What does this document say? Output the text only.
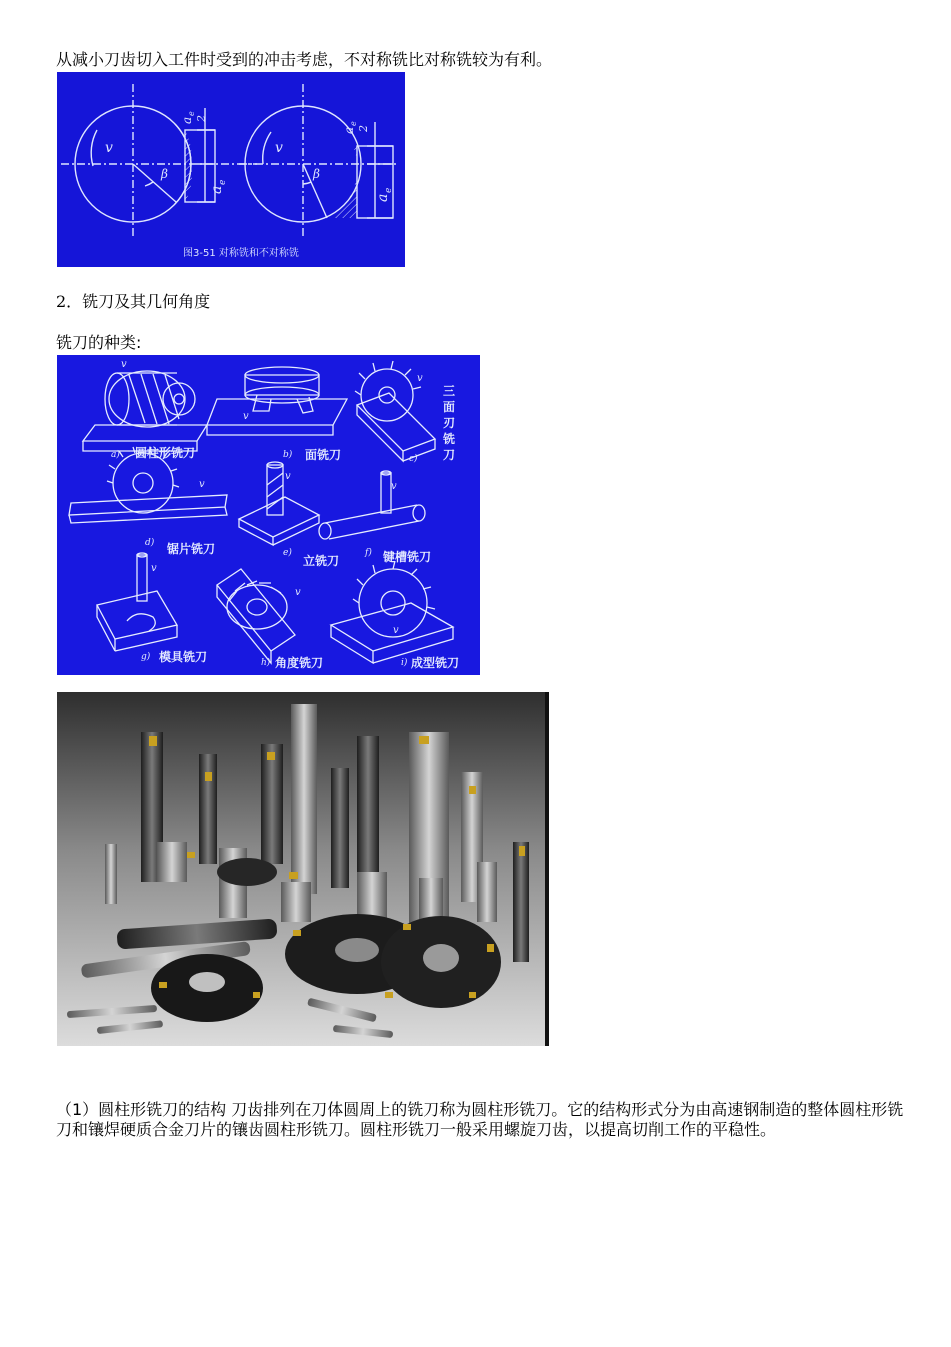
从减小刀齿切入工件时受到的冲击考虑，不对称铣比对称铣较为有利。
v
β
v
β
a
e
a
e
2
a
e
a
e
2
图3-51 对称铣和不对称铣
2．铣刀及其几何角度
铣刀的种类:
a) 圆柱形铣刀	b) 面铣刀	c)
三
面
刃
铣
刀
d) 锯片铣刀	e)
立铣刀
f) 键槽铣刀
g) 模具铣刀	h) 角度铣刀	i) 成型铣刀
v
v
v
v
v
v
v
v
v
（1）圆柱形铣刀的结构 刀齿排列在刀体圆周上的铣刀称为圆柱形铣刀。它的结构形式分为由高速钢制造的整体圆柱形铣刀和镶焊硬质合金刀片的镶齿圆柱形铣刀。圆柱形铣刀一般采用螺旋刀齿，以提高切削工作的平稳性。
